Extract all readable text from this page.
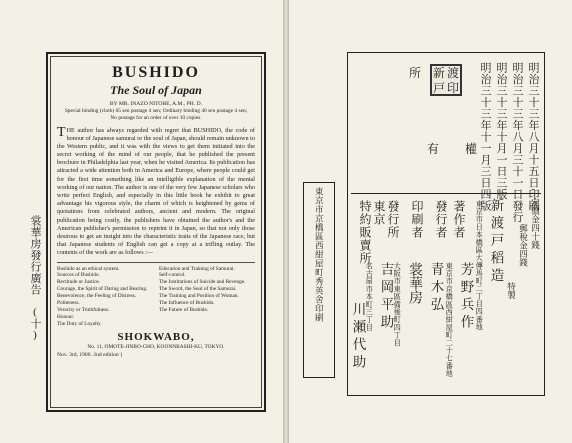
裳華房發行廣告
(十)
BUSHIDO
The Soul of Japan
BY MR. INAZO NITOBE, A.M., PH. D.
Special binding (cloth) 65 sen postage 4 sen; Ordinary binding 40 sen postage 4 sen; No postage for an order of over 10 copies.
THE author has always regarded with regret that BUSHIDO, the code of honour of Japanese samurai or the soul of Japan, should remain unknown to the Western public, and it was with the views to get them initiated into the secret working of the mind of our people, that he published the present brochure in Philadelphia last year, when he visited America. Its publication has attracted a wide attention both in America and Europe, where people could get for the first time something like an intelligible explanation of the mental working of our nation. The author is one of the very few Japanese scholars who write perfect English, and especially in this little book he exhibit to great advantage his vigorous style, the charm of which is heightened by gems of quotations from celebrated authors, ancient and modern. The original publication being costly, the publishers have obtained the author's and the American publisher's permission to repirint it in Japan, so that not only those desirous to get an insight into the characteristic traits of the Japanese race, but that Japanese students of English can get a copy at a trifling outlay. The contents of the work are as follows :—
Bushido as an ethical system.
Sources of Bushido.
Rectitude or Justice.
Courage, the Spirit of Daring and Bearing.
Benevolence, the Feeling of Distress.
Politeness.
Veracity or Truthfulness.
Honour.
The Duty of Loyalty.
Education and Training of Samurai.
Self-control.
The Institutions of Suicide and Revenge.
The Sword, the Soul of the Samurai.
The Training and Position of Woman.
The Influence of Bushido.
The Future of Bushido.
SHOKWABO,
No. 11, OMOTE-JINBO-CHO, KOONNBASHI-KU, TOKYO.
Nov. 3rd, 1900. 2nd edition }
東京市京橋區西紺屋町秀英舍印刷	定價金四十錢
郵稅金四錢
特製
明治三十三年八月十五日印刷
明治三十三年八月三十一日發行
明治三十三年十月一日三版
明治三十三年十一月三日四版
新 渡
戸 印
所
有 權
著作者
發行者
印刷者
發行所
東京
特約販賣所	新渡戸稻造
東京市日本橋區大傳馬町二丁目四番地
芳野兵作
東京市京橋區西紺屋町二十七番地
青木弘
裳華房
大阪市東區備後町四丁目
吉岡平助
名古屋市本町三丁目
川瀬代助
